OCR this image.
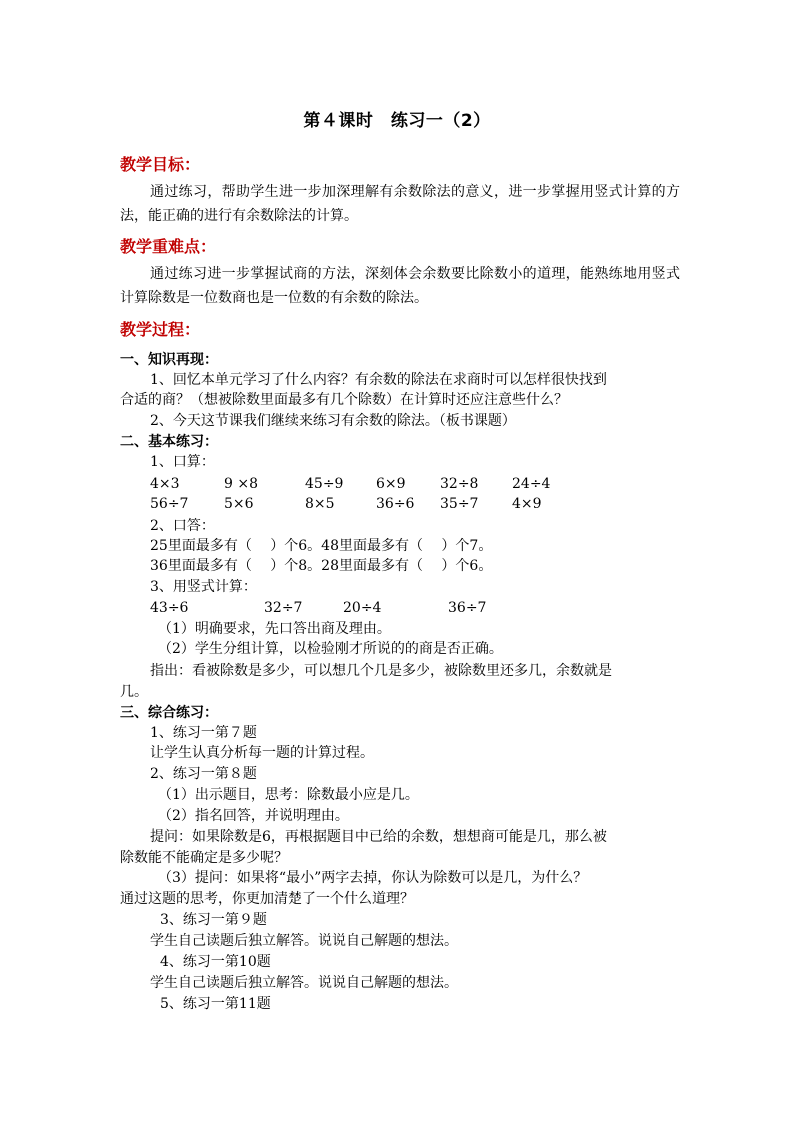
第４课时　练习一（2）
教学目标：
通过练习，帮助学生进一步加深理解有余数除法的意义，进一步掌握用竖式计算的方法，能正确的进行有余数除法的计算。
教学重难点：
通过练习进一步掌握试商的方法，深刻体会余数要比除数小的道理，能熟练地用竖式计算除数是一位数商也是一位数的有余数的除法。
教学过程：
一、知识再现：
1、回忆本单元学习了什么内容？有余数的除法在求商时可以怎样很快找到
合适的商？（想被除数里面最多有几个除数）在计算时还应注意些什么？
2、今天这节课我们继续来练习有余数的除法。（板书课题）
二、基本练习：
1、口算：
4×3	9 ×8	45÷9 6×9 32÷8 24÷4
56÷7	5×6	8×5	36÷6 35÷7 4×9
2、口答：
25里面最多有（　 ）个6。48里面最多有（　 ）个7。
36里面最多有（　 ）个8。28里面最多有（　 ）个6。
3、用竖式计算：
43÷6	32÷7	20÷4	36÷7
（1）明确要求，先口答出商及理由。
（2）学生分组计算，以检验刚才所说的的商是否正确。
指出：看被除数是多少，可以想几个几是多少，被除数里还多几，余数就是
几。
三、综合练习：
1、练习一第７题
让学生认真分析每一题的计算过程。
2、练习一第８题
（1）出示题目，思考：除数最小应是几。
（2）指名回答，并说明理由。
提问：如果除数是6，再根据题目中已给的余数，想想商可能是几，那么被
除数能不能确定是多少呢？
（3）提问：如果将“最小”两字去掉，你认为除数可以是几，为什么？
通过这题的思考，你更加清楚了一个什么道理？
3、练习一第９题
学生自己读题后独立解答。说说自己解题的想法。
4、练习一第10题
学生自己读题后独立解答。说说自己解题的想法。
5、练习一第11题
